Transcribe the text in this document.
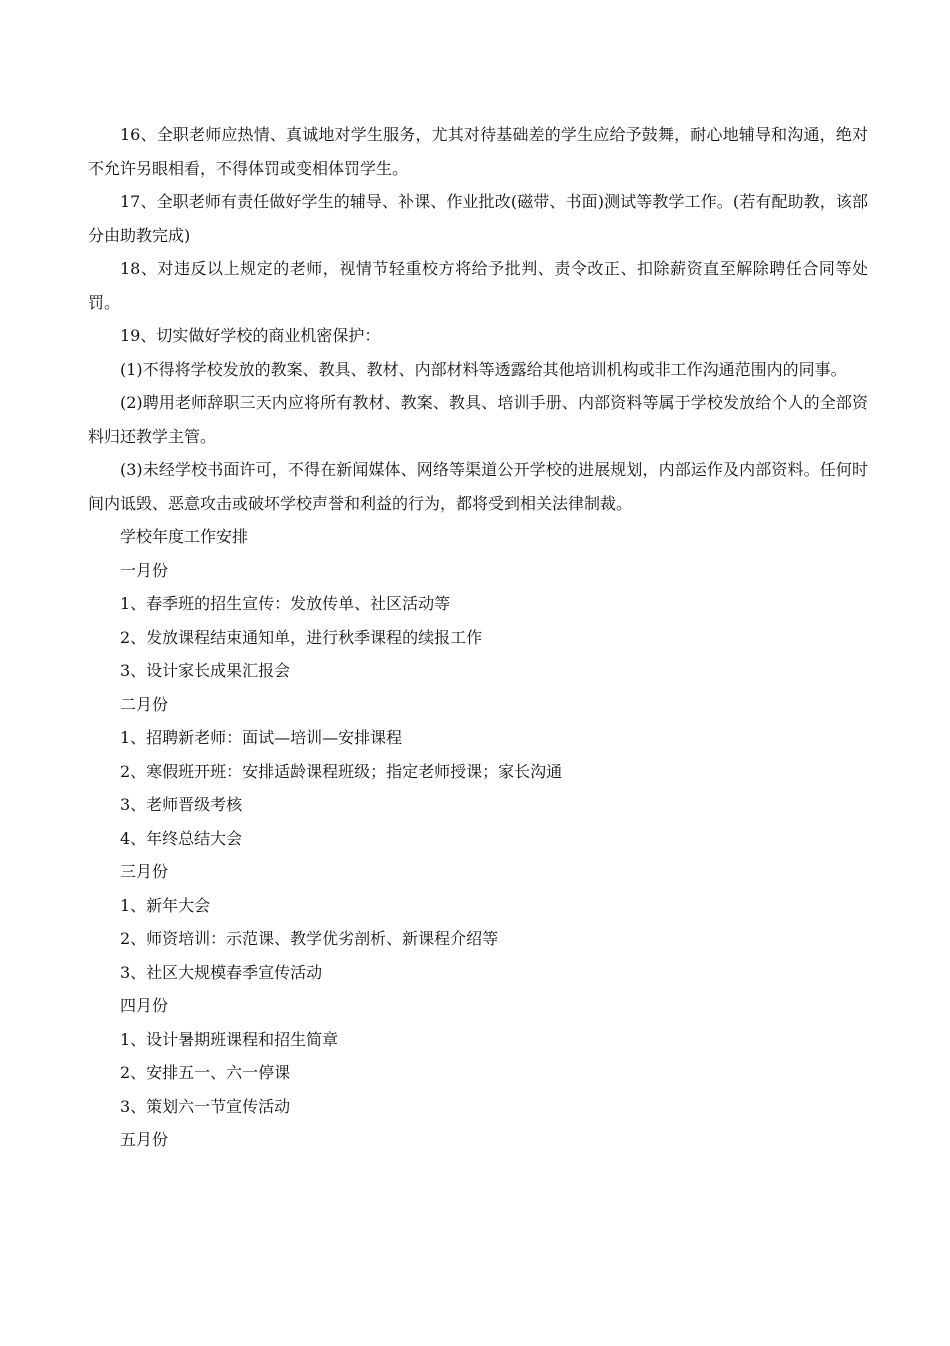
16、全职老师应热情、真诚地对学生服务，尤其对待基础差的学生应给予鼓舞，耐心地辅导和沟通，绝对不允许另眼相看，不得体罚或变相体罚学生。

17、全职老师有责任做好学生的辅导、补课、作业批改(磁带、书面)测试等教学工作。(若有配助教，该部分由助教完成)

18、对违反以上规定的老师，视情节轻重校方将给予批判、责令改正、扣除薪资直至解除聘任合同等处罚。

19、切实做好学校的商业机密保护：

(1)不得将学校发放的教案、教具、教材、内部材料等透露给其他培训机构或非工作沟通范围内的同事。

(2)聘用老师辞职三天内应将所有教材、教案、教具、培训手册、内部资料等属于学校发放给个人的全部资料归还教学主管。

(3)未经学校书面许可，不得在新闻媒体、网络等渠道公开学校的进展规划，内部运作及内部资料。任何时间内诋毁、恶意攻击或破坏学校声誉和利益的行为，都将受到相关法律制裁。

学校年度工作安排

一月份

1、春季班的招生宣传：发放传单、社区活动等

2、发放课程结束通知单，进行秋季课程的续报工作

3、设计家长成果汇报会

二月份

1、招聘新老师：面试—培训—安排课程

2、寒假班开班：安排适龄课程班级；指定老师授课；家长沟通

3、老师晋级考核

4、年终总结大会

三月份

1、新年大会

2、师资培训：示范课、教学优劣剖析、新课程介绍等

3、社区大规模春季宣传活动

四月份

1、设计暑期班课程和招生简章

2、安排五一、六一停课

3、策划六一节宣传活动

五月份
